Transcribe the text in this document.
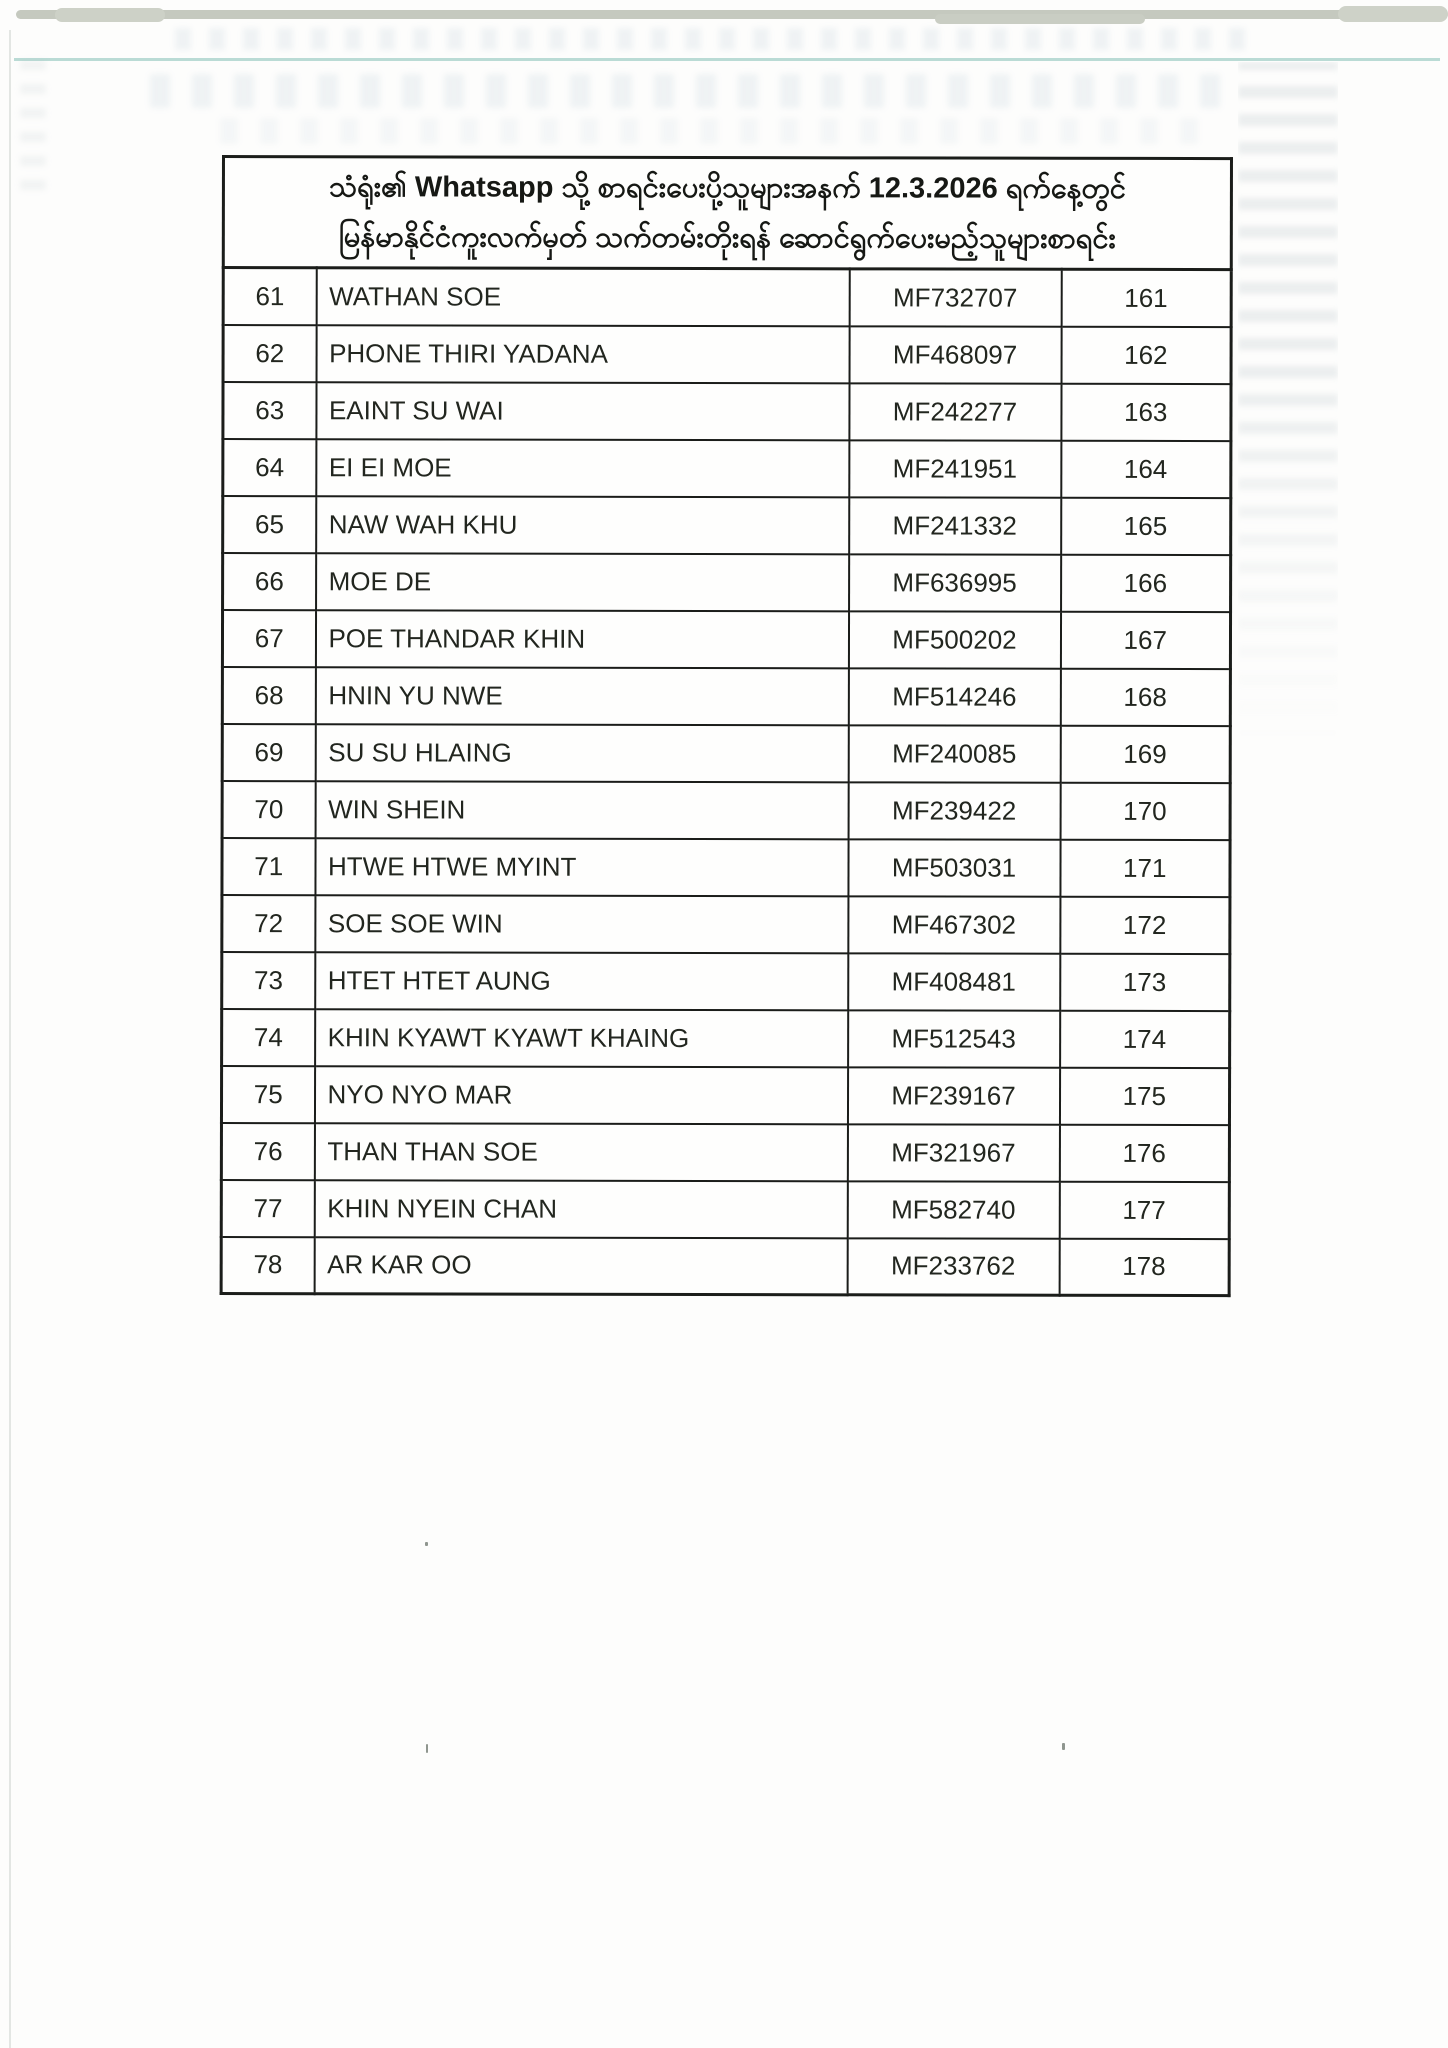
သံရုံး၏ Whatsapp သို့ စာရင်းပေးပို့သူများအနက် 12.3.2026 ရက်နေ့တွင်
မြန်မာနိုင်ငံကူးလက်မှတ် သက်တမ်းတိုးရန် ဆောင်ရွက်ပေးမည့်သူများစာရင်း			

61	WATHAN SOE	MF732707	161
62	PHONE THIRI YADANA	MF468097	162
63	EAINT SU WAI	MF242277	163
64	EI EI MOE	MF241951	164
65	NAW WAH KHU	MF241332	165
66	MOE DE	MF636995	166
67	POE THANDAR KHIN	MF500202	167
68	HNIN YU NWE	MF514246	168
69	SU SU HLAING	MF240085	169
70	WIN SHEIN	MF239422	170
71	HTWE HTWE MYINT	MF503031	171
72	SOE SOE WIN	MF467302	172
73	HTET HTET AUNG	MF408481	173
74	KHIN KYAWT KYAWT KHAING	MF512543	174
75	NYO NYO MAR	MF239167	175
76	THAN THAN SOE	MF321967	176
77	KHIN NYEIN CHAN	MF582740	177
78	AR KAR OO	MF233762	178
